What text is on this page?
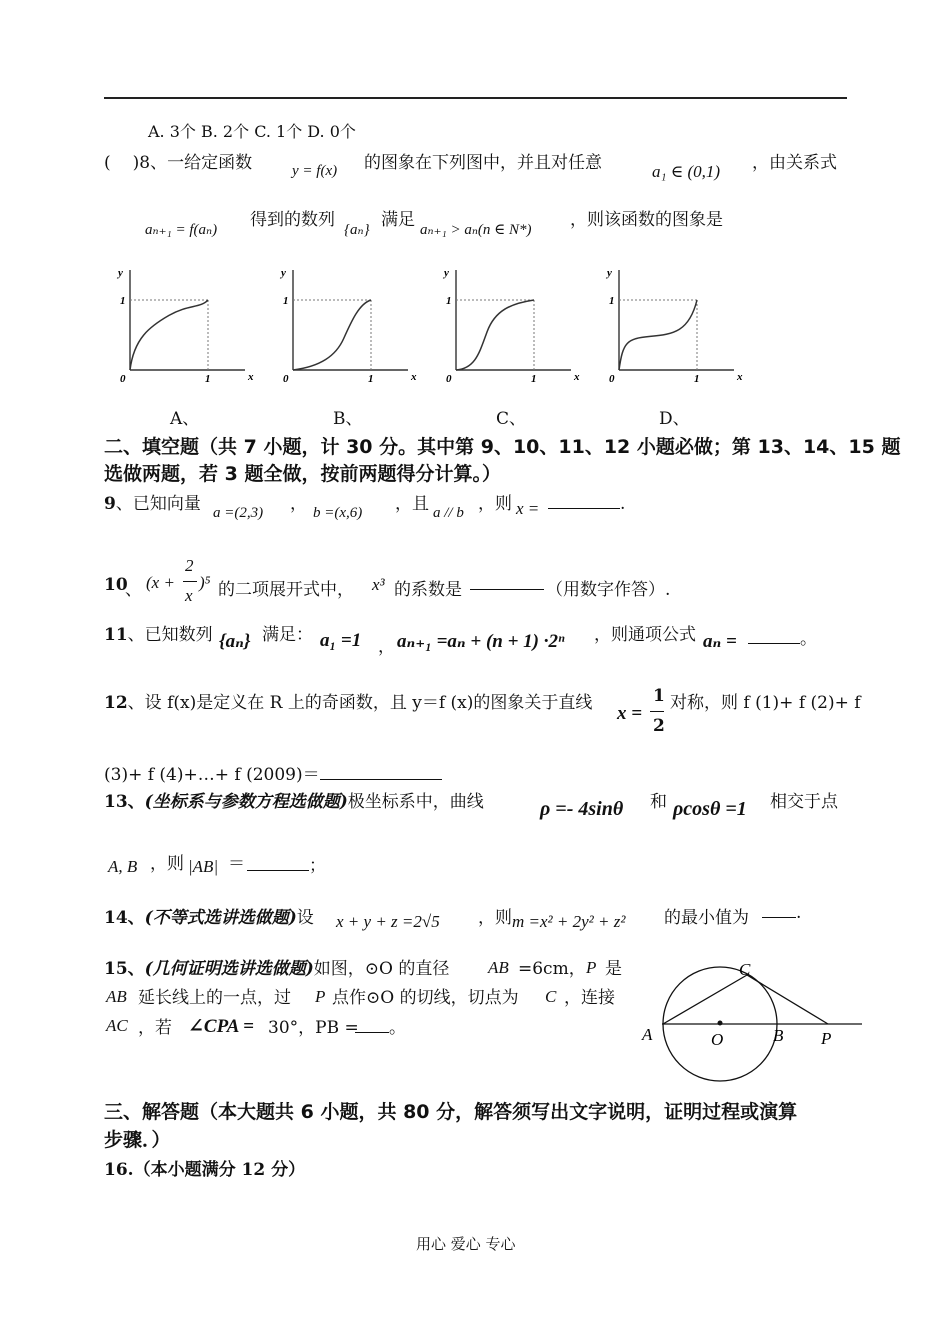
A. 3个 B. 2个 C. 1个 D. 0个
( )8、一给定函数	y = f(x) 的图象在下列图中，并且对任意	a₁ ∈ (0,1) ，由关系式
aₙ₊₁ = f(aₙ) 得到的数列 {aₙ} 满足 aₙ₊₁ > aₙ(n ∈ N*) ，则该函数的图象是
y
x
1
1
0
y
x
1
1
0
y
x
1
1
0
y
x
1
1
0
A、	B、	C、	D、
二、填空题（共 7 小题，计 30 分。其中第 9、10、11、12 小题必做；第 13、14、15 题
选做两题，若 3 题全做，按前两题得分计算。）
9、已知向量 a =(2,3) ， b =(x,6) ，且 a // b ，则 x =	.
10
、 (x +
2
x
)⁵ 的二项展开式中， x³ 的系数是	（用数字作答）.
11、已知数列 {aₙ} 满足： a₁ =1 ， aₙ₊₁ =aₙ + (n + 1) ·2ⁿ ，则通项公式 aₙ =	。
12、设 f(x)是定义在 R 上的奇函数，且 y＝f (x)的图象关于直线 x =
1
2
对称，则 f (1)+ f (2)+ f
(3)+ f (4)+…+ f (2009)＝
13、(坐标系与参数方程选做题)极坐标系中，曲线	ρ =- 4sinθ 和 ρcosθ =1 相交于点
A, B ，则 |AB| ＝	；
14、(不等式选讲选做题)设 x + y + z =2√5 ，则 m =x² + 2y² + z² 的最小值为	.
15、(几何证明选讲选做题)如图，⊙O 的直径 AB =6cm， P 是
AB 延长线上的一点，过 P 点作⊙O 的切线，切点为 C ，连接
AC ，若 ∠CPA = 30°，PB =	。	A	O	B P
C
三、解答题（本大题共 6 小题，共 80 分，解答须写出文字说明，证明过程或演算
步骤．）
16.（本小题满分 12 分）
用心 爱心 专心
